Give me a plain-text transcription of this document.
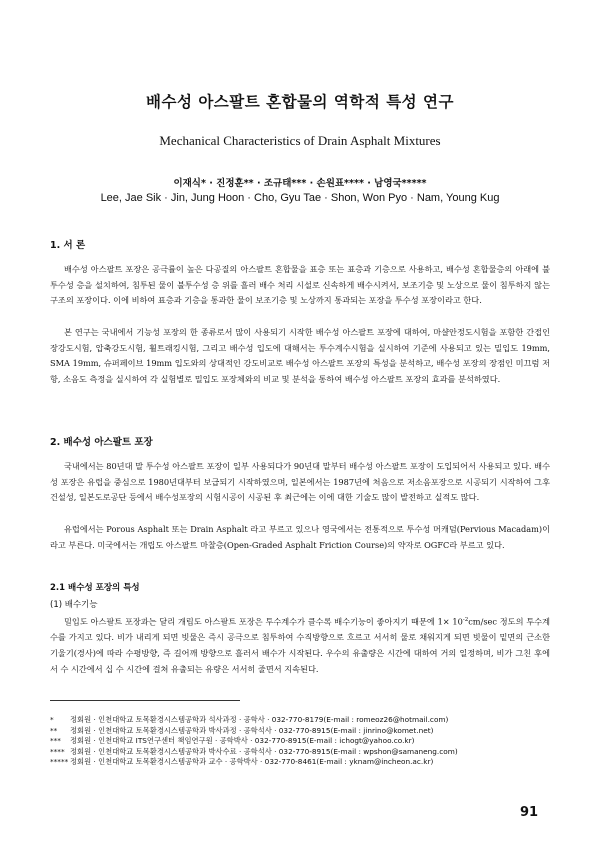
배수성 아스팔트 혼합물의 역학적 특성 연구
Mechanical Characteristics of Drain Asphalt Mixtures
이재식* · 진정훈** · 조규태*** · 손원표**** · 남영국*****
Lee, Jae Sik · Jin, Jung Hoon · Cho, Gyu Tae · Shon, Won Pyo · Nam, Young Kug
1. 서 론

배수성 아스팔트 포장은 공극률이 높은 다공질의 아스팔트 혼합물을 표층 또는 표층과 기층으로 사용하고, 배수성 혼합물층의 아래에 불투수성 층을 설치하여, 침투된 물이 불투수성 층 위를 흘러 배수 처리 시설로 신속하게 배수시켜서, 보조기층 및 노상으로 물이 침투하지 않는 구조의 포장이다. 이에 비하여 표층과 기층을 통과한 물이 보조기층 및 노상까지 통과되는 포장을 투수성 포장이라고 한다.

본 연구는 국내에서 기능성 포장의 한 종류로서 많이 사용되기 시작한 배수성 아스팔트 포장에 대하여, 마샬안정도시험을 포함한 간접인장강도시험, 압축강도시험, 휠트래킹시험, 그리고 배수성 입도에 대해서는 투수계수시험을 실시하여 기준에 사용되고 있는 밀입도 19mm, SMA 19mm, 슈퍼페이브 19mm 입도와의 상대적인 강도비교로 배수성 아스팔트 포장의 특성을 분석하고, 배수성 포장의 장점인 미끄럼 저항, 소음도 측정을 실시하여 각 실험별로 밀입도 포장체와의 비교 및 분석을 통하여 배수성 아스팔트 포장의 효과를 분석하였다.

2. 배수성 아스팔트 포장

국내에서는 80년대 말 투수성 아스팔트 포장이 일부 사용되다가 90년대 말부터 배수성 아스팔트 포장이 도입되어서 사용되고 있다. 배수성 포장은 유럽을 중심으로 1980년대부터 보급되기 시작하였으며, 일본에서는 1987년에 처음으로 저소음포장으로 시공되기 시작하여 그후 건설성, 일본도로공단 등에서 배수성포장의 시험시공이 시공된 후 최근에는 이에 대한 기술도 많이 발전하고 실적도 많다.

유럽에서는 Porous Asphalt 또는 Drain Asphalt 라고 부르고 있으나 영국에서는 전통적으로 투수성 머캐덤(Pervious Macadam)이라고 부른다. 미국에서는 개립도 아스팔트 마찰층(Open-Graded Asphalt Friction Course)의 약자로 OGFC라 부르고 있다.

2.1 배수성 포장의 특성
(1) 배수기능

밀입도 아스팔트 포장과는 달리 개립도 아스팔트 포장은 투수계수가 클수록 배수기능이 좋아지기 때문에 $1\times 10^{-2}cm/\sec$ 정도의 투수계수를 가지고 있다. 비가 내리게 되면 빗물은 즉시 공극으로 침투하여 수직방향으로 흐르고 서서히 물로 채워지게 되면 빗물이 밑면의 근소한 기울기(경사)에 따라 수평방향, 즉 길어깨 방향으로 흘러서 배수가 시작된다. 우수의 유출량은 시간에 대하여 거의 일정하며, 비가 그친 후에서 수 시간에서 십 수 시간에 걸쳐 유출되는 유량은 서서히 줄면서 지속된다.

*	정회원 · 인천대학교 토목환경시스템공학과 석사과정 · 공학사 · 032-770-8179(E-mail : romeoz26@hotmail.com)
**	정회원 · 인천대학교 토목환경시스템공학과 박사과정 · 공학석사 · 032-770-8915(E-mail : jinrino@komet.net)
***	정회원 · 인천대학교 ITS연구센터 책임연구원 · 공학박사 · 032-770-8915(E-mail : ichogt@yahoo.co.kr)
**** 정회원 · 인천대학교 토목환경시스템공학과 박사수료 · 공학석사 · 032-770-8915(E-mail : wpshon@samaneng.com)
***** 정회원 · 인천대학교 토목환경시스템공학과 교수 · 공학박사 · 032-770-8461(E-mail : yknam@incheon.ac.kr)
91
